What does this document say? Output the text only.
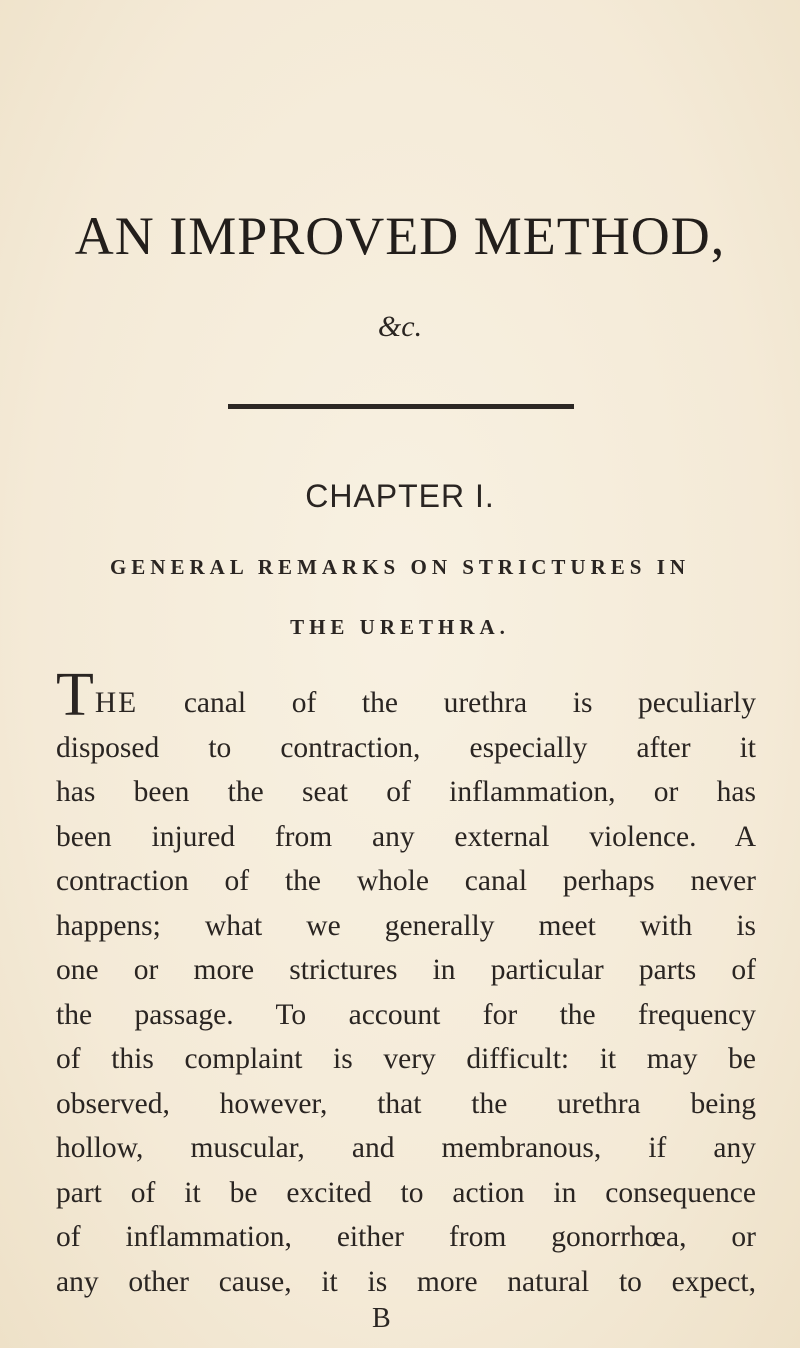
AN IMPROVED METHOD,
&c.
CHAPTER I.
GENERAL REMARKS ON STRICTURES IN
THE URETHRA.
THE canal of the urethra is peculiarly
disposed to contraction, especially after it
has been the seat of inflammation, or has
been injured from any external violence. A
contraction of the whole canal perhaps never
happens; what we generally meet with is
one or more strictures in particular parts of
the passage. To account for the frequency
of this complaint is very difficult: it may be
observed, however, that the urethra being
hollow, muscular, and membranous, if any
part of it be excited to action in consequence
of inflammation, either from gonorrhœa, or
any other cause, it is more natural to expect,
B
